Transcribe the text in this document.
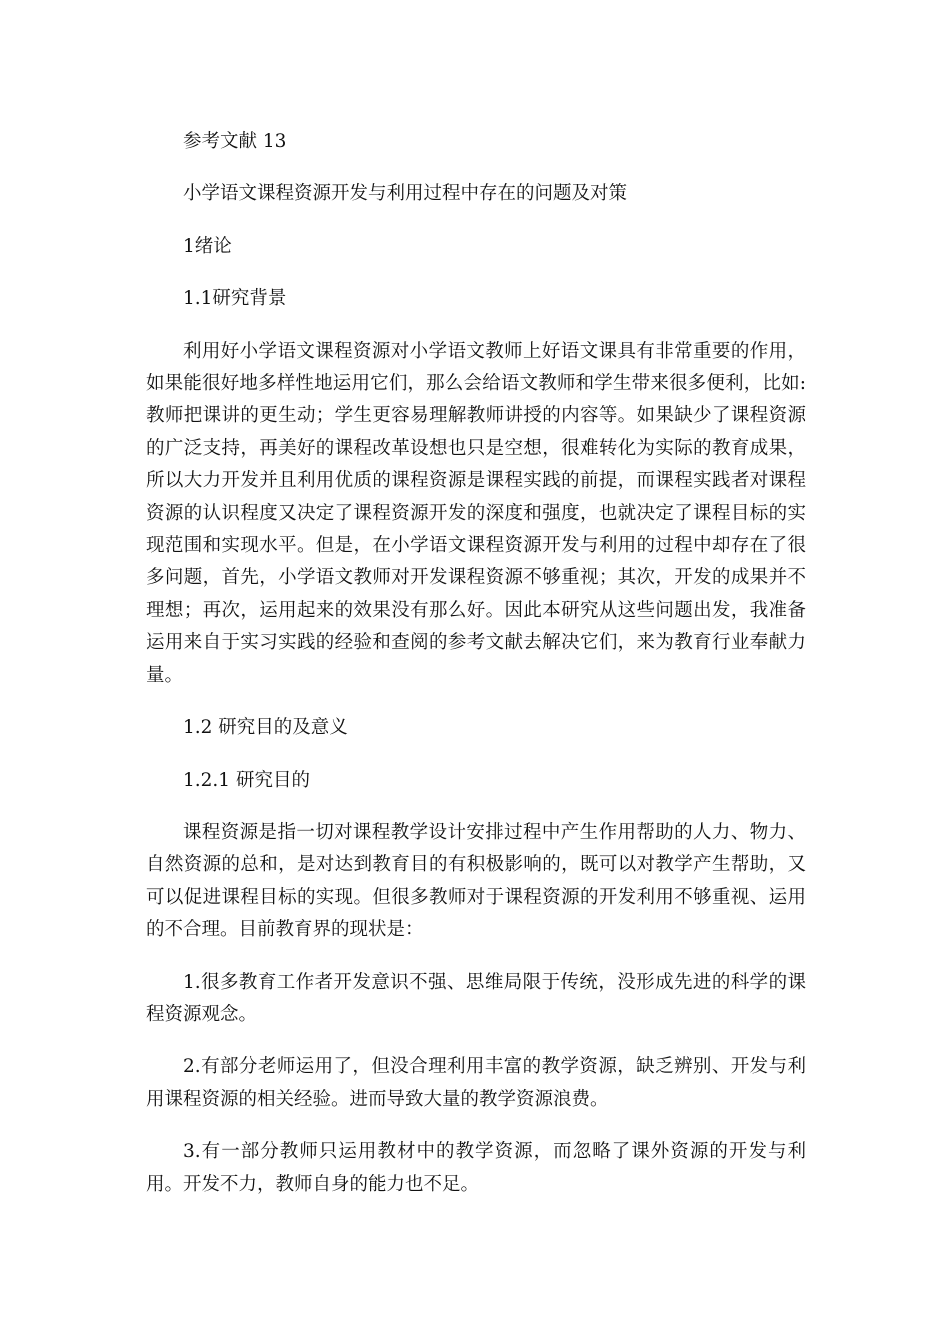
参考文献 13

小学语文课程资源开发与利用过程中存在的问题及对策

1绪论

1.1研究背景

利用好小学语文课程资源对小学语文教师上好语文课具有非常重要的作用，如果能很好地多样性地运用它们，那么会给语文教师和学生带来很多便利，比如:教师把课讲的更生动；学生更容易理解教师讲授的内容等。如果缺少了课程资源的广泛支持，再美好的课程改革设想也只是空想，很难转化为实际的教育成果，所以大力开发并且利用优质的课程资源是课程实践的前提，而课程实践者对课程资源的认识程度又决定了课程资源开发的深度和强度，也就决定了课程目标的实现范围和实现水平。但是，在小学语文课程资源开发与利用的过程中却存在了很多问题，首先，小学语文教师对开发课程资源不够重视；其次，开发的成果并不理想；再次，运用起来的效果没有那么好。因此本研究从这些问题出发，我准备运用来自于实习实践的经验和查阅的参考文献去解决它们，来为教育行业奉献力量。

1.2 研究目的及意义

1.2.1 研究目的

课程资源是指一切对课程教学设计安排过程中产生作用帮助的人力、物力、自然资源的总和，是对达到教育目的有积极影响的，既可以对教学产生帮助，又可以促进课程目标的实现。但很多教师对于课程资源的开发利用不够重视、运用的不合理。目前教育界的现状是：

1.很多教育工作者开发意识不强、思维局限于传统，没形成先进的科学的课程资源观念。

2.有部分老师运用了，但没合理利用丰富的教学资源，缺乏辨别、开发与利用课程资源的相关经验。进而导致大量的教学资源浪费。

3.有一部分教师只运用教材中的教学资源，而忽略了课外资源的开发与利用。开发不力，教师自身的能力也不足。
